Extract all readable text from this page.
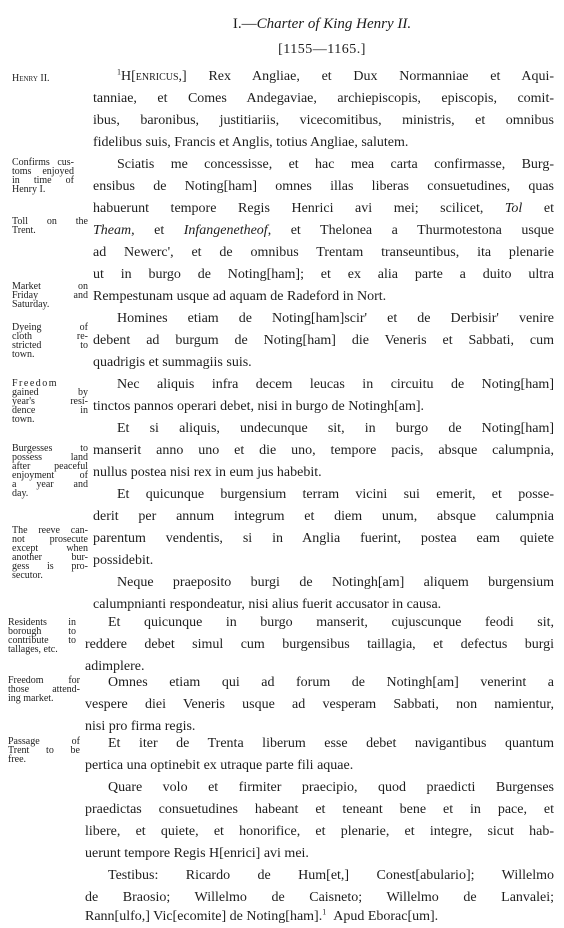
I.—Charter of King Henry II.
[1155—1165.]
Henry II.
Confirms cus-
toms enjoyed
in time of
Henry I.
Toll on the
Trent.
Market on
Friday and
Saturday.
Dyeing of
cloth re-
stricted to
town.
Freedom
gained by
year's resi-
dence in
town.
Burgesses to
possess land
after peaceful
enjoyment of
a year and
day.
The reeve can-
not prosecute
except when
another bur-
gess is pro-
secutor.
Residents in
borough to
contribute to
tallages, etc.
Freedom for
those attend-
ing market.
Passage of
Trent to be
free.
$^1$H[enricus,] Rex Angliae, et Dux Normanniae et Aqui-
tanniae, et Comes Andegaviae, archiepiscopis, episcopis, comit-
ibus, baronibus, justitiariis, vicecomitibus, ministris, et omnibus
fidelibus suis, Francis et Anglis, totius Angliae, salutem.
Sciatis me concessisse, et hac mea carta confirmasse, Burg-
ensibus de Noting[ham] omnes illas liberas consuetudines, quas
habuerunt tempore Regis Henrici avi mei; scilicet, Tol et
Theam, et Infangenetheof, et Thelonea a Thurmotestona usque
ad Newerc', et de omnibus Trentam transeuntibus, ita plenarie
ut in burgo de Noting[ham]; et ex alia parte a duito ultra
Rempestunam usque ad aquam de Radeford in Nort.
Homines etiam de Noting[ham]scir' et de Derbisir' venire
debent ad burgum de Noting[ham] die Veneris et Sabbati, cum
quadrigis et summagiis suis.
Nec aliquis infra decem leucas in circuitu de Noting[ham]
tinctos pannos operari debet, nisi in burgo de Notingh[am].
Et si aliquis, undecunque sit, in burgo de Noting[ham]
manserit anno uno et die uno, tempore pacis, absque calumpnia,
nullus postea nisi rex in eum jus habebit.
Et quicunque burgensium terram vicini sui emerit, et posse-
derit per annum integrum et diem unum, absque calumpnia
parentum vendentis, si in Anglia fuerint, postea eam quiete
possidebit.
Neque praeposito burgi de Notingh[am] aliquem burgensium
calumpnianti respondeatur, nisi alius fuerit accusator in causa.
Et quicunque in burgo manserit, cujuscunque feodi sit,
reddere debet simul cum burgensibus taillagia, et defectus burgi
adimplere.
Omnes etiam qui ad forum de Notingh[am] venerint a
vespere diei Veneris usque ad vesperam Sabbati, non namientur,
nisi pro firma regis.
Et iter de Trenta liberum esse debet navigantibus quantum
pertica una optinebit ex utraque parte fili aquae.
Quare volo et firmiter praecipio, quod praedicti Burgenses
praedictas consuetudines habeant et teneant bene et in pace, et
libere, et quiete, et honorifice, et plenarie, et integre, sicut hab-
uerunt tempore Regis H[enrici] avi mei.
Testibus: Ricardo de Hum[et,] Conest[abulario]; Willelmo
de Braosio; Willelmo de Caisneto; Willelmo de Lanvalei;
Rann[ulfo,] Vic[ecomite] de Noting[ham].$^1$ Apud Eborac[um].
